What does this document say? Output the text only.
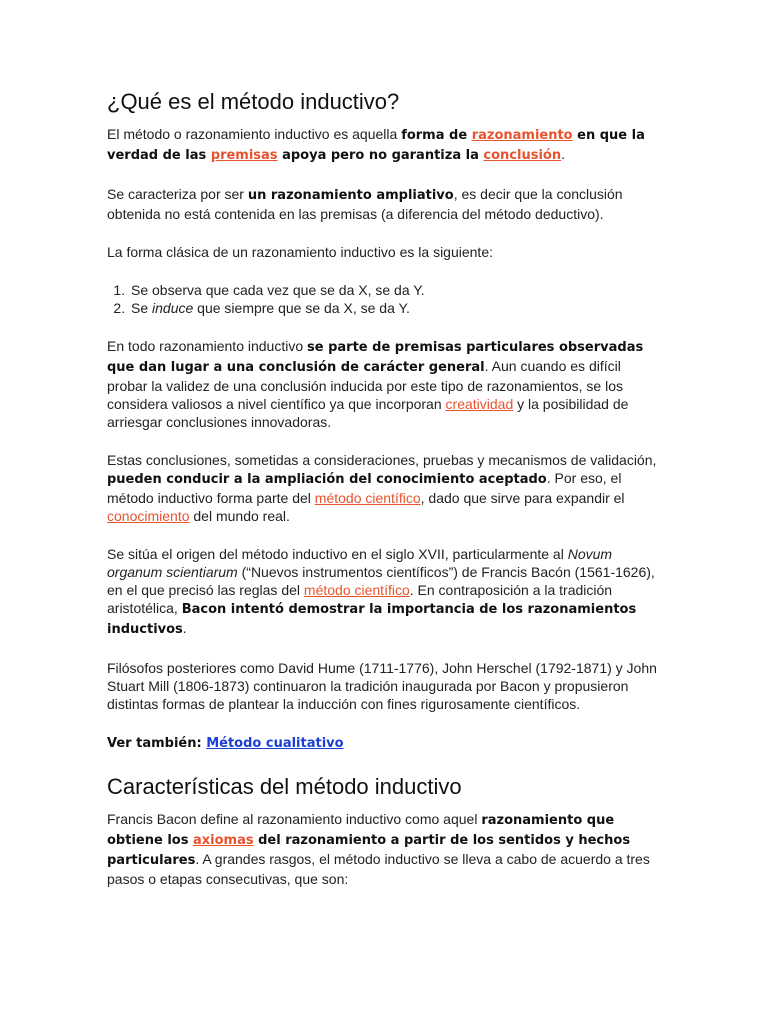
¿Qué es el método inductivo?

El método o razonamiento inductivo es aquella forma de razonamiento en que la verdad de las premisas apoya pero no garantiza la conclusión.

Se caracteriza por ser un razonamiento ampliativo, es decir que la conclusión obtenida no está contenida en las premisas (a diferencia del método deductivo).

La forma clásica de un razonamiento inductivo es la siguiente:

1. Se observa que cada vez que se da X, se da Y.
2. Se induce que siempre que se da X, se da Y.

En todo razonamiento inductivo se parte de premisas particulares observadas que dan lugar a una conclusión de carácter general. Aun cuando es difícil probar la validez de una conclusión inducida por este tipo de razonamientos, se los considera valiosos a nivel científico ya que incorporan creatividad y la posibilidad de arriesgar conclusiones innovadoras.

Estas conclusiones, sometidas a consideraciones, pruebas y mecanismos de validación, pueden conducir a la ampliación del conocimiento aceptado. Por eso, el método inductivo forma parte del método científico, dado que sirve para expandir el conocimiento del mundo real.

Se sitúa el origen del método inductivo en el siglo XVII, particularmente al Novum organum scientiarum (“Nuevos instrumentos científicos”) de Francis Bacón (1561-1626), en el que precisó las reglas del método científico. En contraposición a la tradición aristotélica, Bacon intentó demostrar la importancia de los razonamientos inductivos.

Filósofos posteriores como David Hume (1711-1776), John Herschel (1792-1871) y John Stuart Mill (1806-1873) continuaron la tradición inaugurada por Bacon y propusieron distintas formas de plantear la inducción con fines rigurosamente científicos.

Ver también: Método cualitativo

Características del método inductivo

Francis Bacon define al razonamiento inductivo como aquel razonamiento que obtiene los axiomas del razonamiento a partir de los sentidos y hechos particulares. A grandes rasgos, el método inductivo se lleva a cabo de acuerdo a tres pasos o etapas consecutivas, que son:
